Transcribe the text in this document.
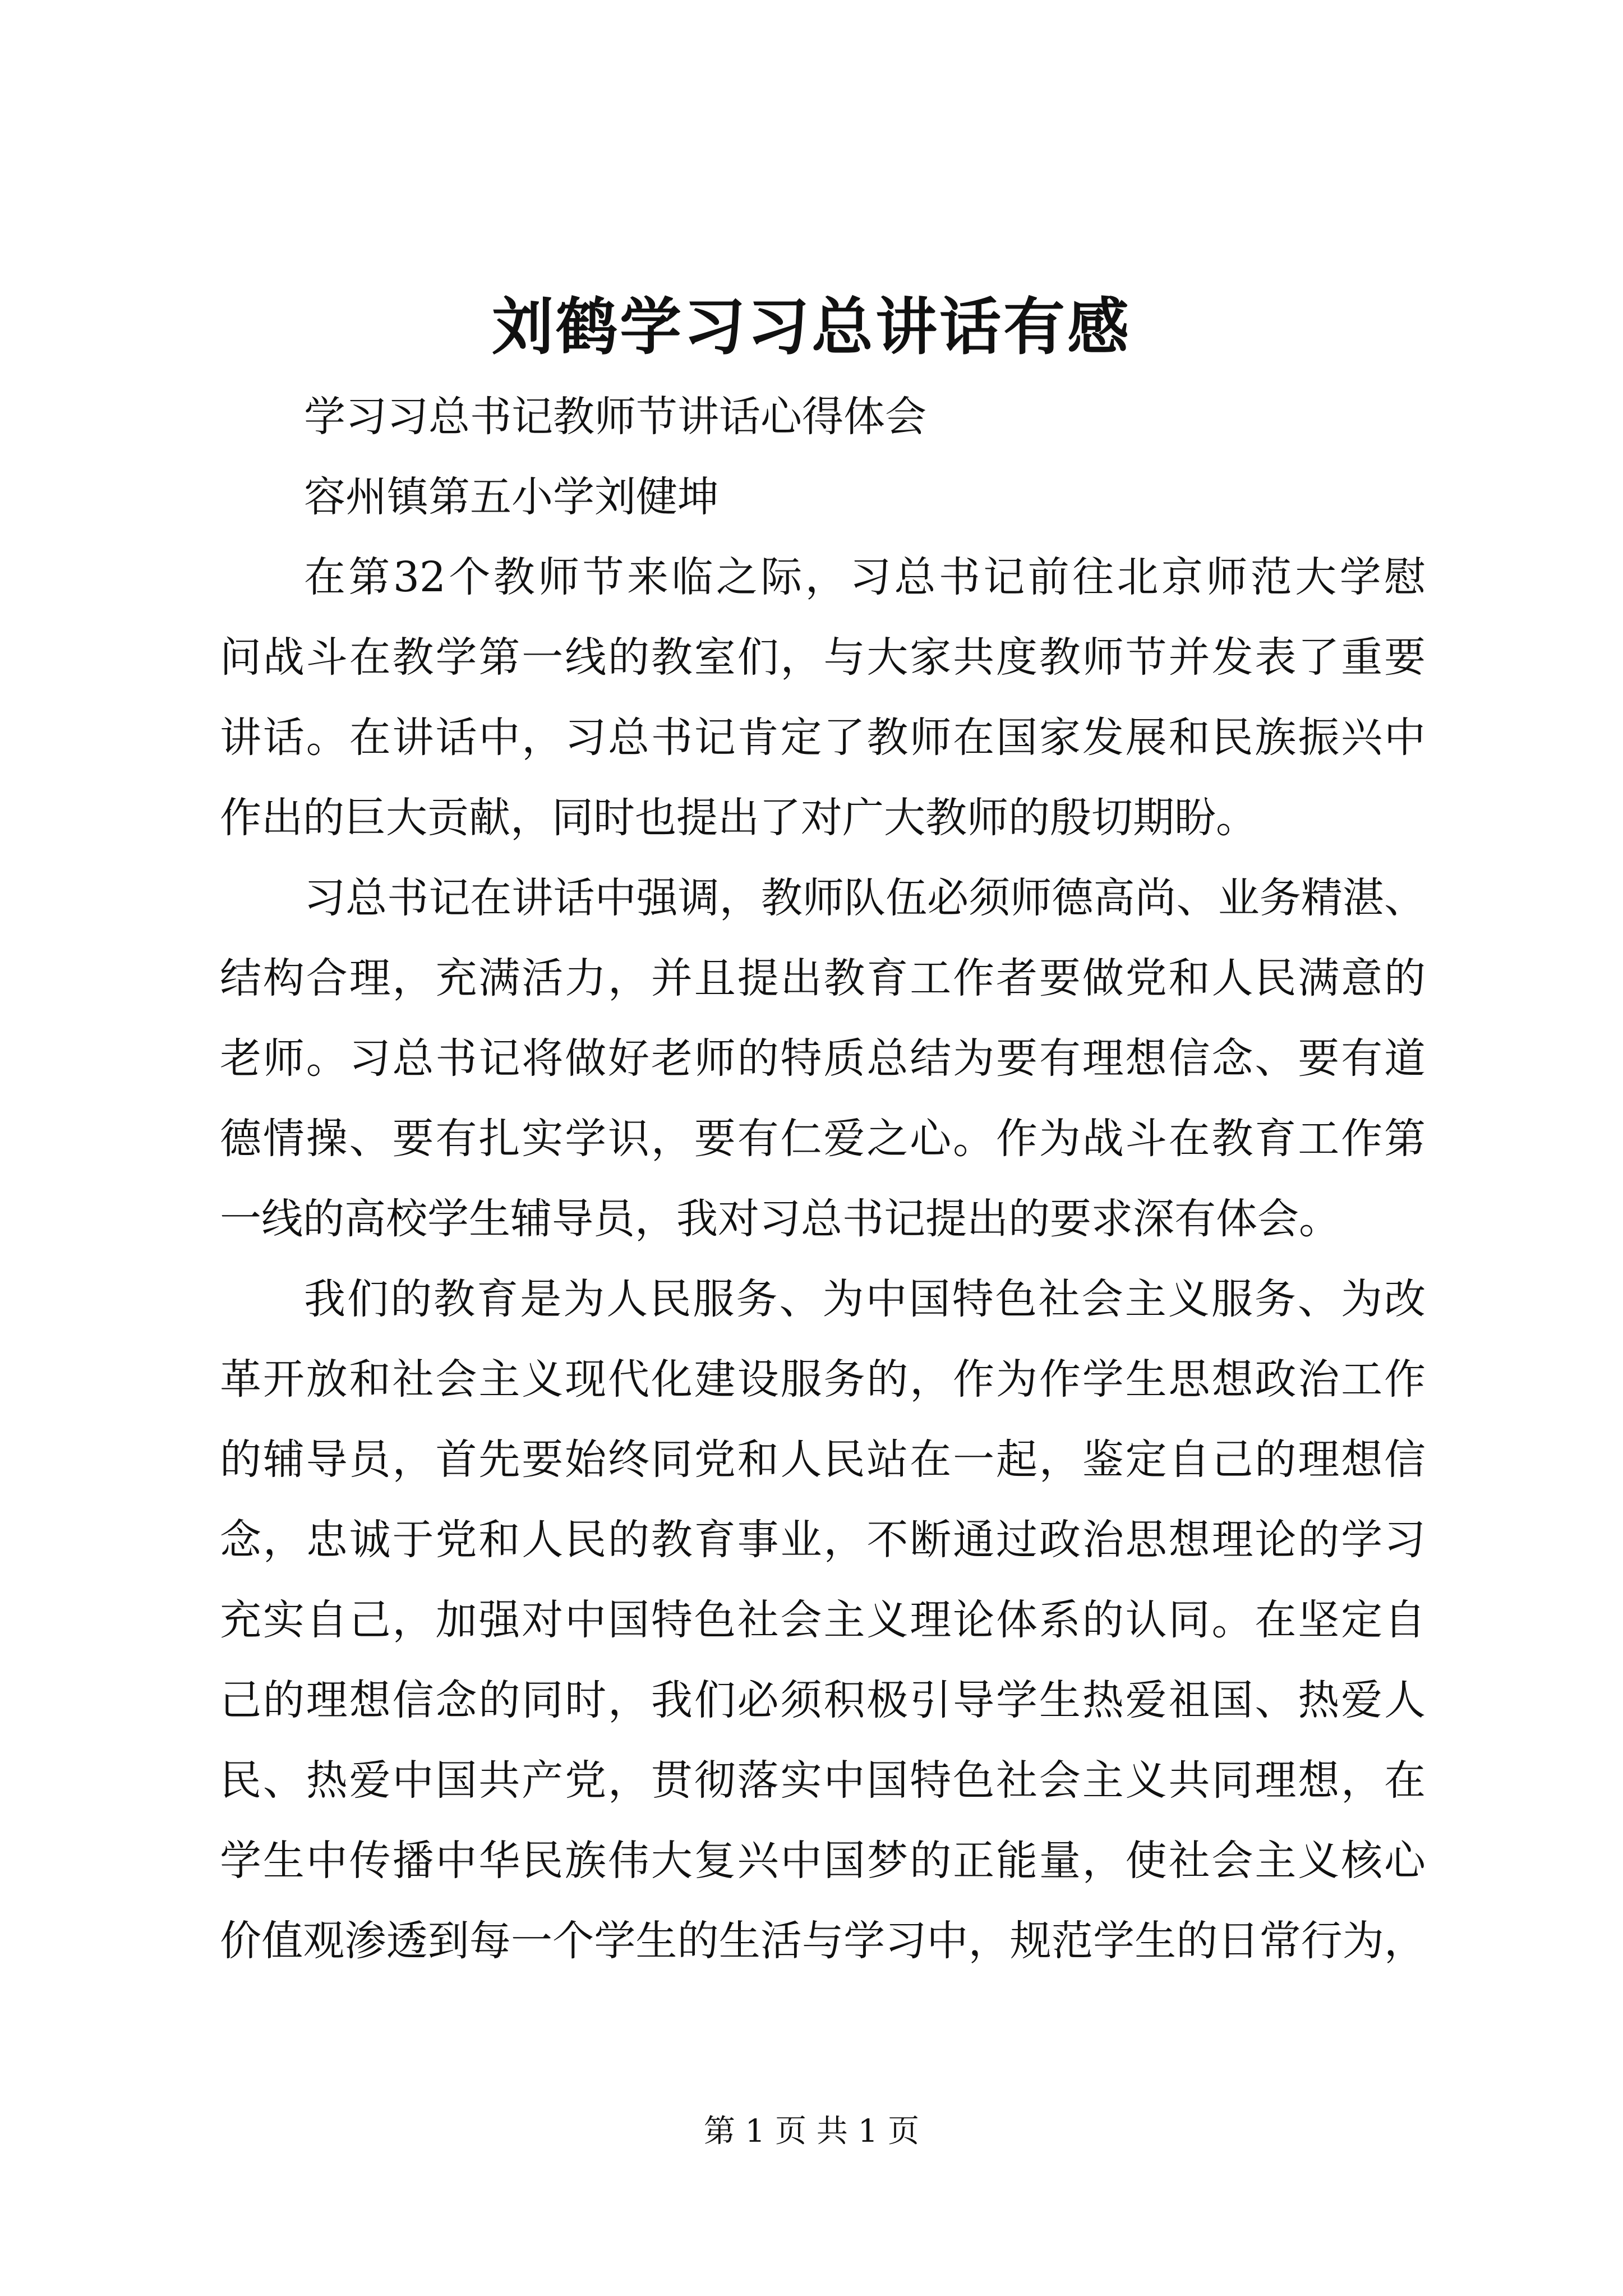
刘鹤学习习总讲话有感

学习习总书记教师节讲话心得体会

容州镇第五小学刘健坤

在第32个教师节来临之际，习总书记前往北京师范大学慰

问战斗在教学第一线的教室们，与大家共度教师节并发表了重要

讲话。在讲话中，习总书记肯定了教师在国家发展和民族振兴中

作出的巨大贡献，同时也提出了对广大教师的殷切期盼。

习总书记在讲话中强调，教师队伍必须师德高尚、业务精湛、

结构合理，充满活力，并且提出教育工作者要做党和人民满意的

老师。习总书记将做好老师的特质总结为要有理想信念、要有道

德情操、要有扎实学识，要有仁爱之心。作为战斗在教育工作第

一线的高校学生辅导员，我对习总书记提出的要求深有体会。

我们的教育是为人民服务、为中国特色社会主义服务、为改

革开放和社会主义现代化建设服务的，作为作学生思想政治工作

的辅导员，首先要始终同党和人民站在一起，鉴定自己的理想信

念，忠诚于党和人民的教育事业，不断通过政治思想理论的学习

充实自己，加强对中国特色社会主义理论体系的认同。在坚定自

己的理想信念的同时，我们必须积极引导学生热爱祖国、热爱人

民、热爱中国共产党，贯彻落实中国特色社会主义共同理想，在

学生中传播中华民族伟大复兴中国梦的正能量，使社会主义核心

价值观渗透到每一个学生的生活与学习中，规范学生的日常行为，

第 1 页 共 1 页
